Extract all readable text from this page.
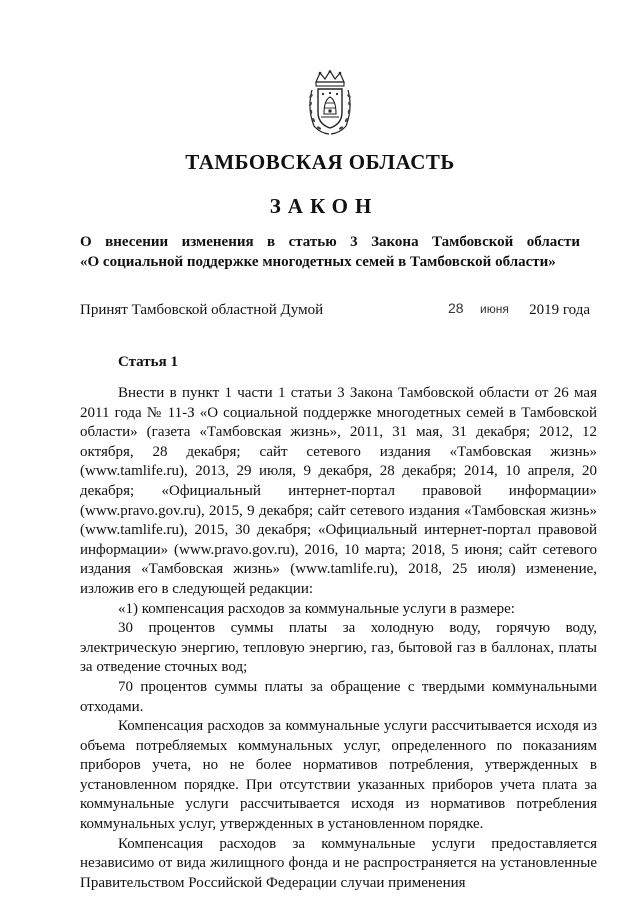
ТАМБОВСКАЯ ОБЛАСТЬ
ЗАКОН
О внесении изменения в статью 3 Закона Тамбовской области
«О социальной поддержке многодетных семей в Тамбовской области»
Принят Тамбовской областной Думой	28 июня 2019 года
Статья 1

Внести в пункт 1 части 1 статьи 3 Закона Тамбовской области от 26 мая 2011 года № 11-З «О социальной поддержке многодетных семей в Тамбовской области» (газета «Тамбовская жизнь», 2011, 31 мая, 31 декабря; 2012, 12 октября, 28 декабря; сайт сетевого издания «Тамбовская жизнь» (www.tamlife.ru), 2013, 29 июля, 9 декабря, 28 декабря; 2014, 10 апреля, 20 декабря; «Официальный интернет-портал правовой информации» (www.pravo.gov.ru), 2015, 9 декабря; сайт сетевого издания «Тамбовская жизнь» (www.tamlife.ru), 2015, 30 декабря; «Официальный интернет-портал правовой информации» (www.pravo.gov.ru), 2016, 10 марта; 2018, 5 июня; сайт сетевого издания «Тамбовская жизнь» (www.tamlife.ru), 2018, 25 июля) изменение, изложив его в следующей редакции:

«1) компенсация расходов за коммунальные услуги в размере:

30 процентов суммы платы за холодную воду, горячую воду, электрическую энергию, тепловую энергию, газ, бытовой газ в баллонах, платы за отведение сточных вод;

70 процентов суммы платы за обращение с твердыми коммунальными отходами.

Компенсация расходов за коммунальные услуги рассчитывается исходя из объема потребляемых коммунальных услуг, определенного по показаниям приборов учета, но не более нормативов потребления, утвержденных в установленном порядке. При отсутствии указанных приборов учета плата за коммунальные услуги рассчитывается исходя из нормативов потребления коммунальных услуг, утвержденных в установленном порядке.

Компенсация расходов за коммунальные услуги предоставляется независимо от вида жилищного фонда и не распространяется на установленные Правительством Российской Федерации случаи применения
